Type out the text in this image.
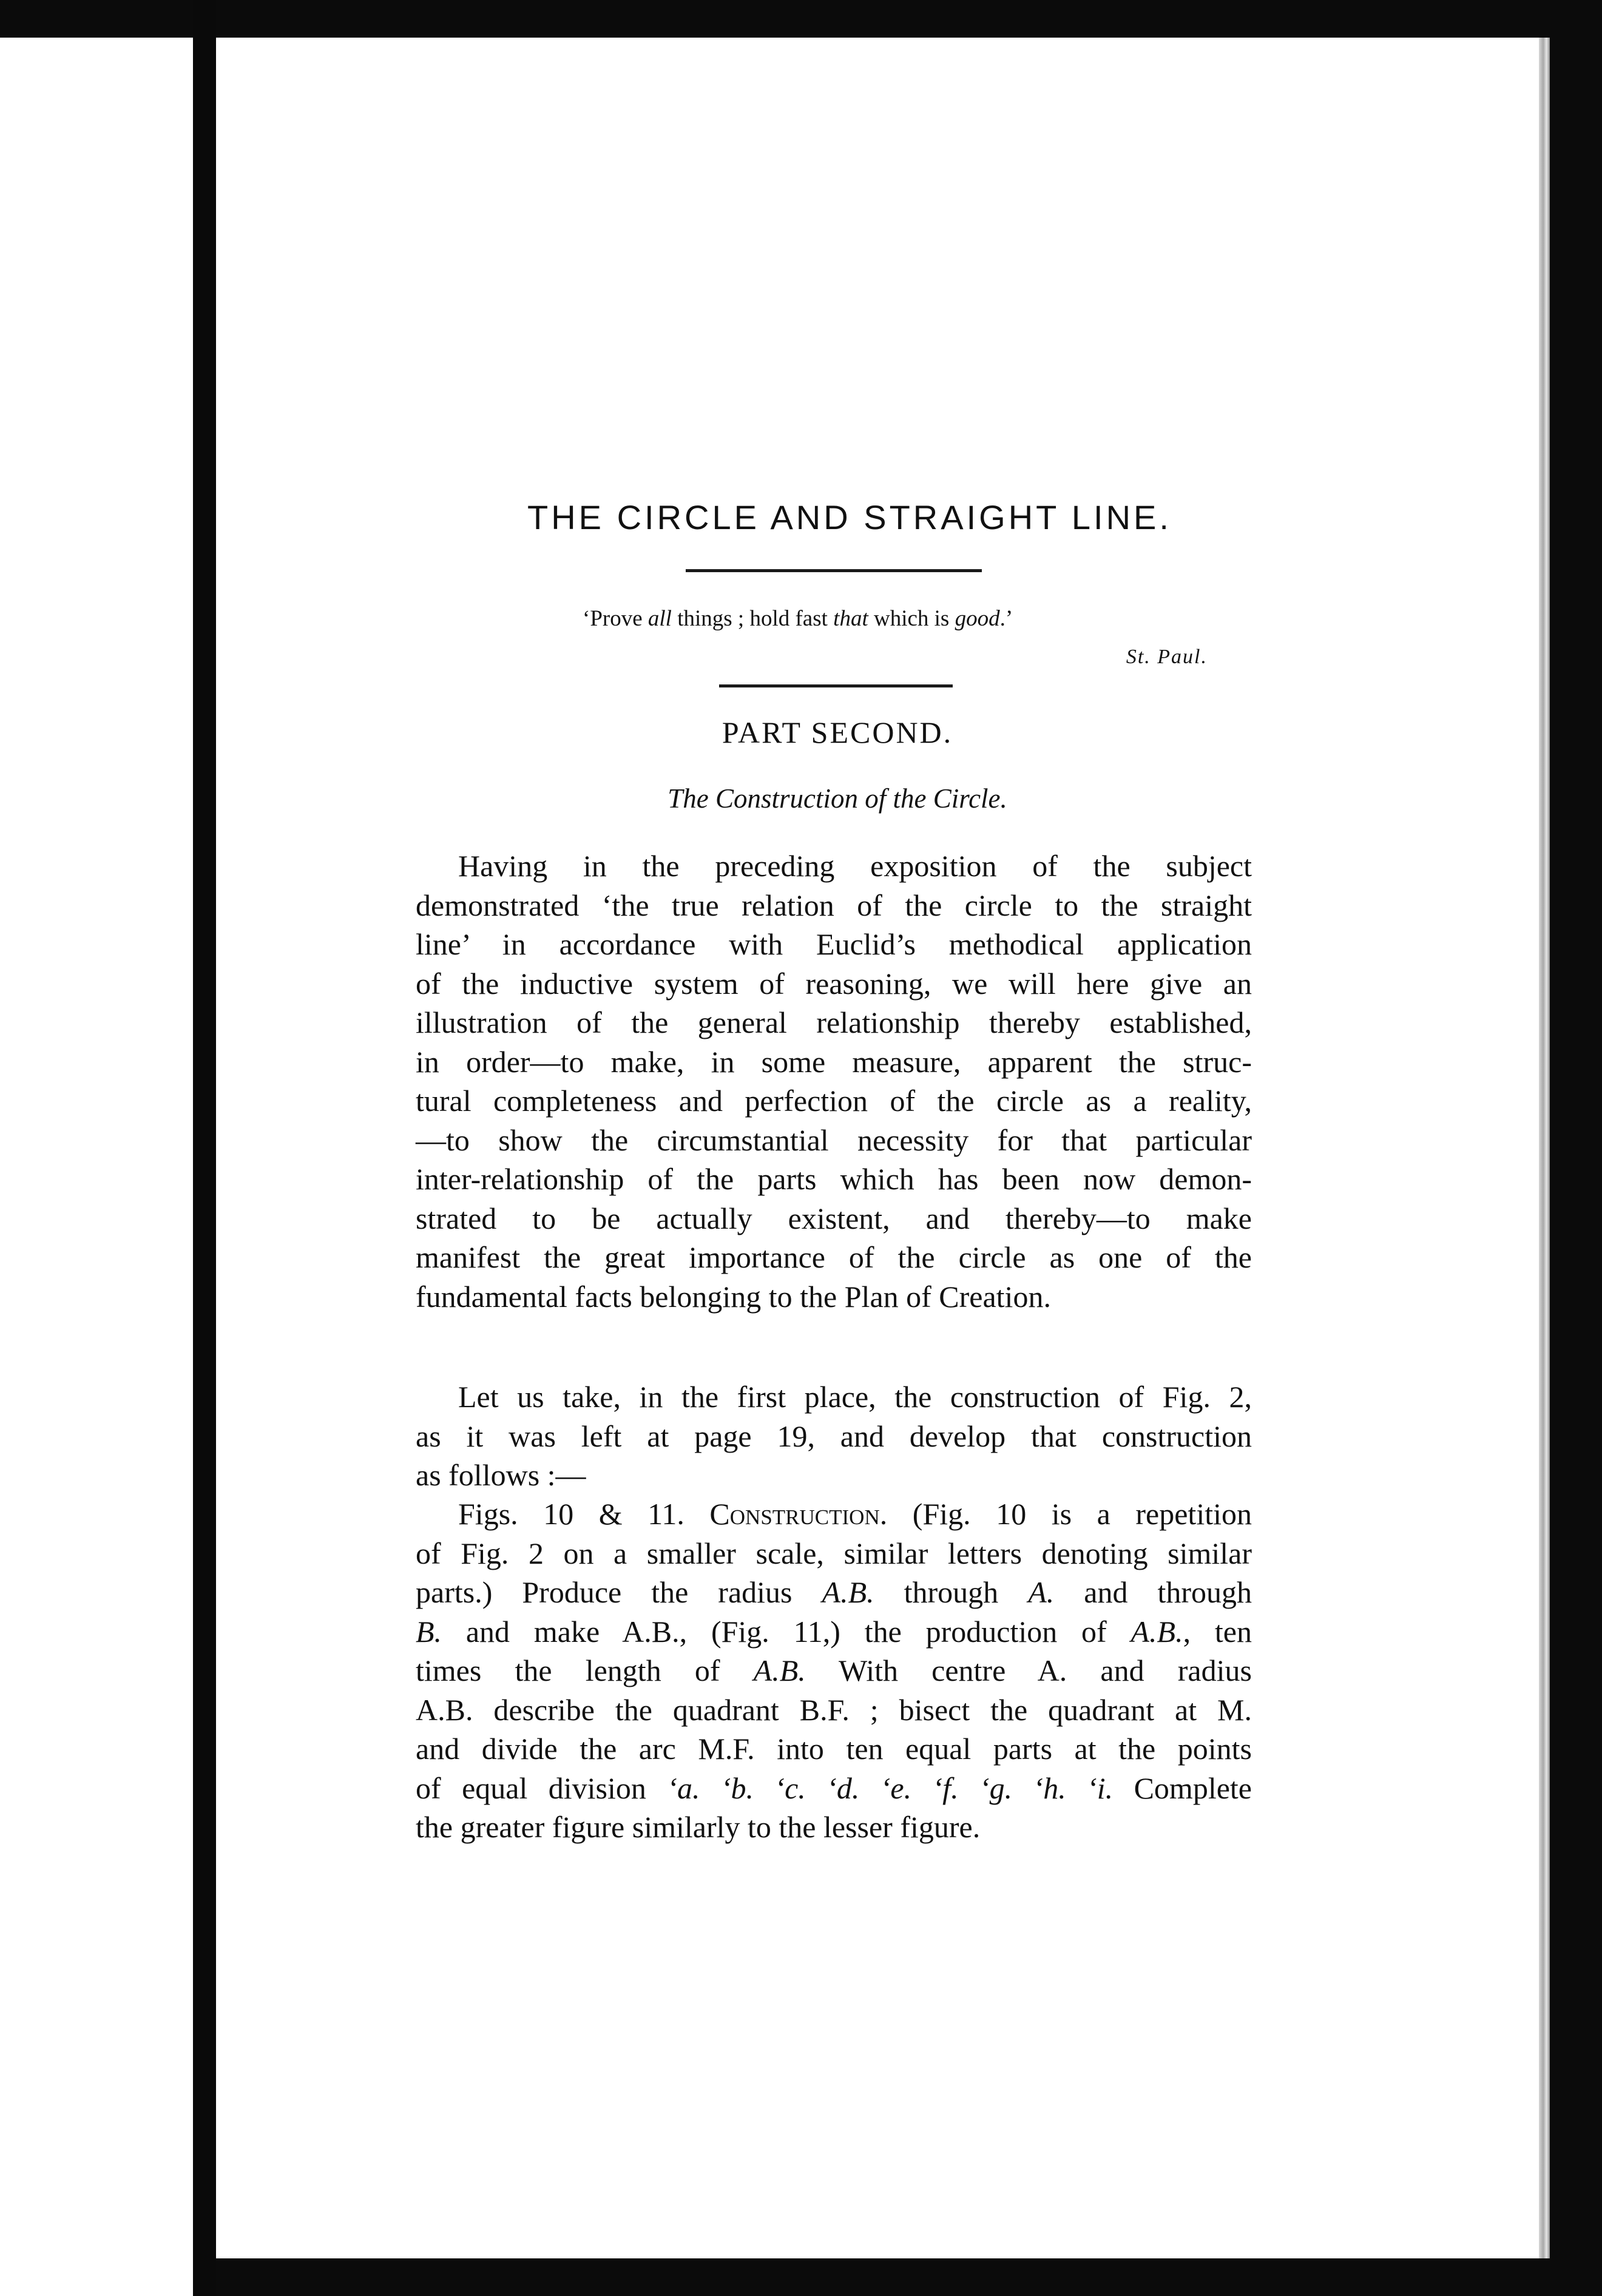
THE CIRCLE AND STRAIGHT LINE.
‘Prove all things ; hold fast that which is good.’
St. Paul.
PART SECOND.
The Construction of the Circle.
Having in the preceding exposition of the subject
demonstrated ‘the true relation of the circle to the straight
line’ in accordance with Euclid’s methodical application
of the inductive system of reasoning, we will here give an
illustration of the general relationship thereby established,
in order—to make, in some measure, apparent the struc-
tural completeness and perfection of the circle as a reality,
—to show the circumstantial necessity for that particular
inter-relationship of the parts which has been now demon-
strated to be actually existent, and thereby—to make
manifest the great importance of the circle as one of the
fundamental facts belonging to the Plan of Creation.
Let us take, in the first place, the construction of Fig. 2,
as it was left at page 19, and develop that construction
as follows :—
Figs. 10 & 11. Construction. (Fig. 10 is a repetition
of Fig. 2 on a smaller scale, similar letters denoting similar
parts.) Produce the radius A.B. through A. and through
B. and make A.B., (Fig. 11,) the production of A.B., ten
times the length of A.B. With centre A. and radius
A.B. describe the quadrant B.F. ; bisect the quadrant at M.
and divide the arc M.F. into ten equal parts at the points
of equal division ‘a. ‘b. ‘c. ‘d. ‘e. ‘f. ‘g. ‘h. ‘i. Complete
the greater figure similarly to the lesser figure.
